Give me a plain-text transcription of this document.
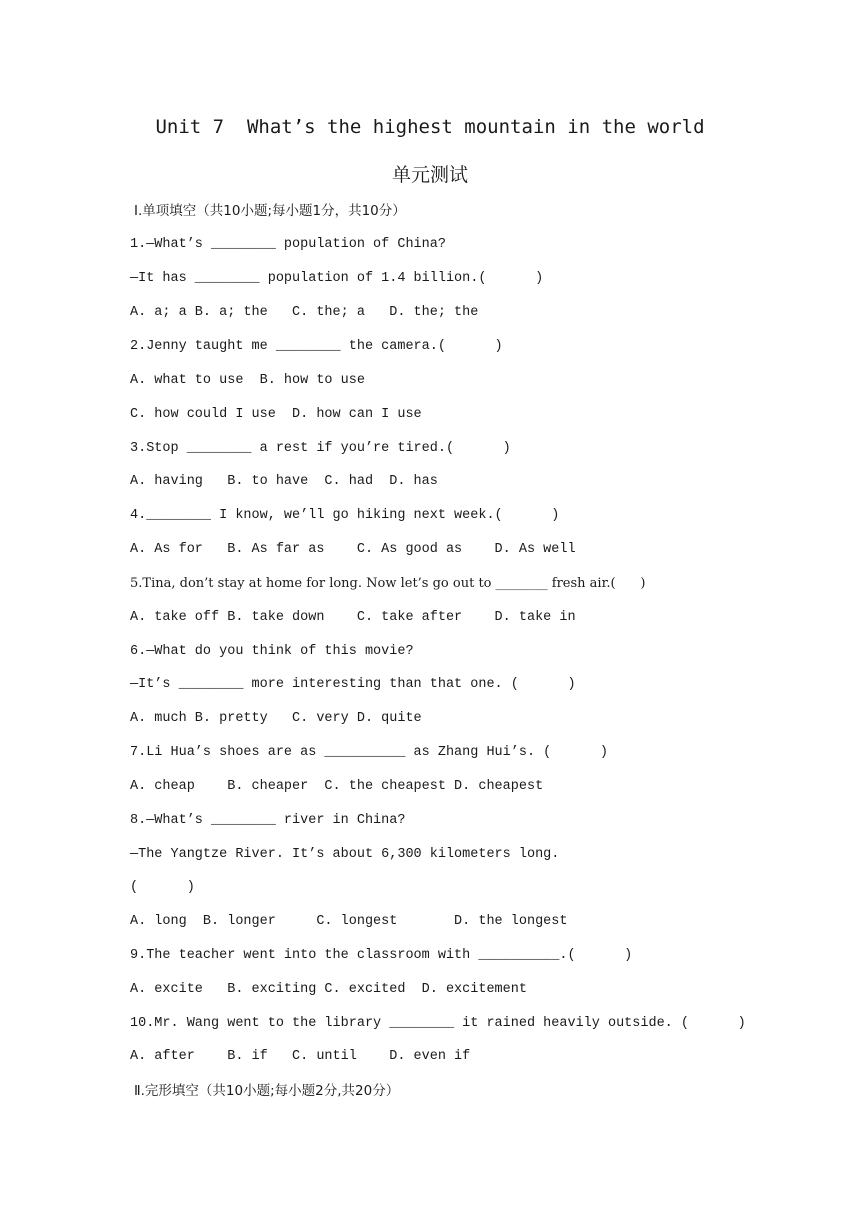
Unit 7  What’s the highest mountain in the world
单元测试
Ⅰ.单项填空（共10小题;每小题1分，共10分）
1.—What’s ________ population of China?
—It has ________ population of 1.4 billion.(      )
A. a; a B. a; the   C. the; a   D. the; the
2.Jenny taught me ________ the camera.(      )
A. what to use  B. how to use
C. how could I use  D. how can I use
3.Stop ________ a rest if you’re tired.(      )
A. having   B. to have  C. had  D. has
4.________ I know, we’ll go hiking next week.(      )
A. As for   B. As far as    C. As good as    D. As well
5.Tina, don’t stay at home for long. Now let’s go out to ________ fresh air.(      )
A. take off B. take down    C. take after    D. take in
6.—What do you think of this movie?
—It’s ________ more interesting than that one. (      )
A. much B. pretty   C. very D. quite
7.Li Hua’s shoes are as __________ as Zhang Hui’s. (      )
A. cheap    B. cheaper  C. the cheapest D. cheapest
8.—What’s ________ river in China?
—The Yangtze River. It’s about 6,300 kilometers long.
(      )
A. long  B. longer     C. longest       D. the longest
9.The teacher went into the classroom with __________.(      )
A. excite   B. exciting C. excited  D. excitement
10.Mr. Wang went to the library ________ it rained heavily outside. (      )
A. after    B. if   C. until    D. even if
Ⅱ.完形填空（共10小题;每小题2分,共20分）
